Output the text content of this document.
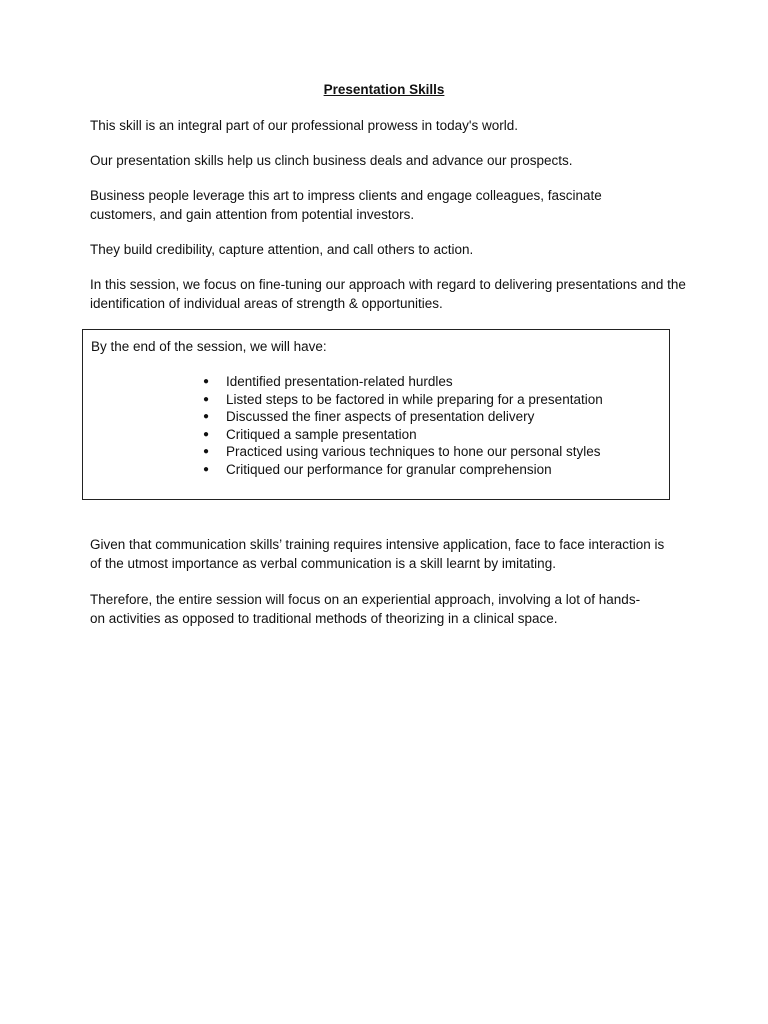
Presentation Skills

This skill is an integral part of our professional prowess in today's world.

Our presentation skills help us clinch business deals and advance our prospects.

Business people leverage this art to impress clients and engage colleagues, fascinate customers, and gain attention from potential investors.

They build credibility, capture attention, and call others to action.

In this session, we focus on fine-tuning our approach with regard to delivering presentations and the identification of individual areas of strength & opportunities.

By the end of the session, we will have:

● Identified presentation-related hurdles
● Listed steps to be factored in while preparing for a presentation
● Discussed the finer aspects of presentation delivery
● Critiqued a sample presentation
● Practiced using various techniques to hone our personal styles
● Critiqued our performance for granular comprehension

Given that communication skills’ training requires intensive application, face to face interaction is of the utmost importance as verbal communication is a skill learnt by imitating.

Therefore, the entire session will focus on an experiential approach, involving a lot of hands-on activities as opposed to traditional methods of theorizing in a clinical space.
